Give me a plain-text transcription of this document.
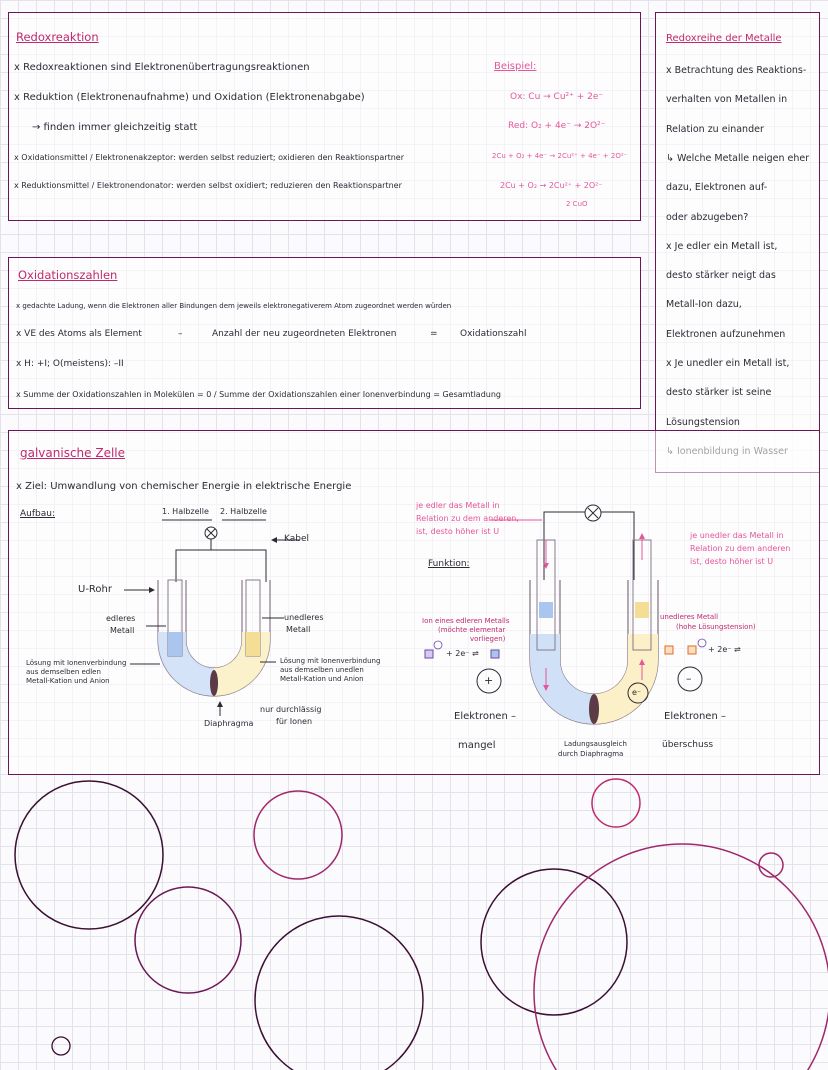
Redoxreaktion
x Redoxreaktionen sind Elektronenübertragungsreaktionen
x Reduktion (Elektronenaufnahme) und Oxidation (Elektronenabgabe)
→ finden immer gleichzeitig statt
x Oxidationsmittel / Elektronenakzeptor: werden selbst reduziert; oxidieren den Reaktionspartner
x Reduktionsmittel / Elektronendonator: werden selbst oxidiert; reduzieren den Reaktionspartner
Beispiel:
Ox: Cu → Cu²⁺ + 2e⁻
Red: O₂ + 4e⁻ → 2O²⁻
2Cu + O₂ + 4e⁻ → 2Cu²⁺ + 4e⁻ + 2O²⁻
2Cu + O₂ → 2Cu²⁺ + 2O²⁻
2 CuO
Redoxreihe der Metalle
x Betrachtung des Reaktions-
verhalten von Metallen in
Relation zu einander
↳ Welche Metalle neigen eher
dazu, Elektronen auf-
oder abzugeben?
x Je edler ein Metall ist,
desto stärker neigt das
Metall-Ion dazu,
Elektronen aufzunehmen
x Je unedler ein Metall ist,
desto stärker ist seine
Lösungstension
Oxidationszahlen
x gedachte Ladung, wenn die Elektronen aller Bindungen dem jeweils elektronegativerem Atom zugeordnet werden würden
x VE des Atoms als Element	–	Anzahl der neu zugeordneten Elektronen	= Oxidationszahl
x H: +I; O(meistens): –II
x Summe der Oxidationszahlen in Molekülen = 0 / Summe der Oxidationszahlen einer Ionenverbindung = Gesamtladung
galvanische Zelle
x Ziel: Umwandlung von chemischer Energie in elektrische Energie
Aufbau:	1. Halbzelle 2. Halbzelle
Kabel
U-Rohr
edleres
Metall
unedleres
Metall
Lösung mit Ionenverbindung
aus demselben edlen
Metall-Kation und Anion
Lösung mit Ionenverbindung
aus demselben unedlen
Metall-Kation und Anion
Diaphragma
nur durchlässig
für Ionen
je edler das Metall in
Relation zu dem anderen,
ist, desto höher ist U	je unedler das Metall in
Relation zu dem anderen
ist, desto höher ist U
Funktion:
Ion eines edleren Metalls
(möchte elementar
vorliegen)
+ 2e⁻ ⇌
unedleres Metall
(hohe Lösungstension)
+ 2e⁻ ⇌
+	–
e⁻
Elektronen –
mangel
Elektronen –
überschuss
Ladungsausgleich
durch Diaphragma
